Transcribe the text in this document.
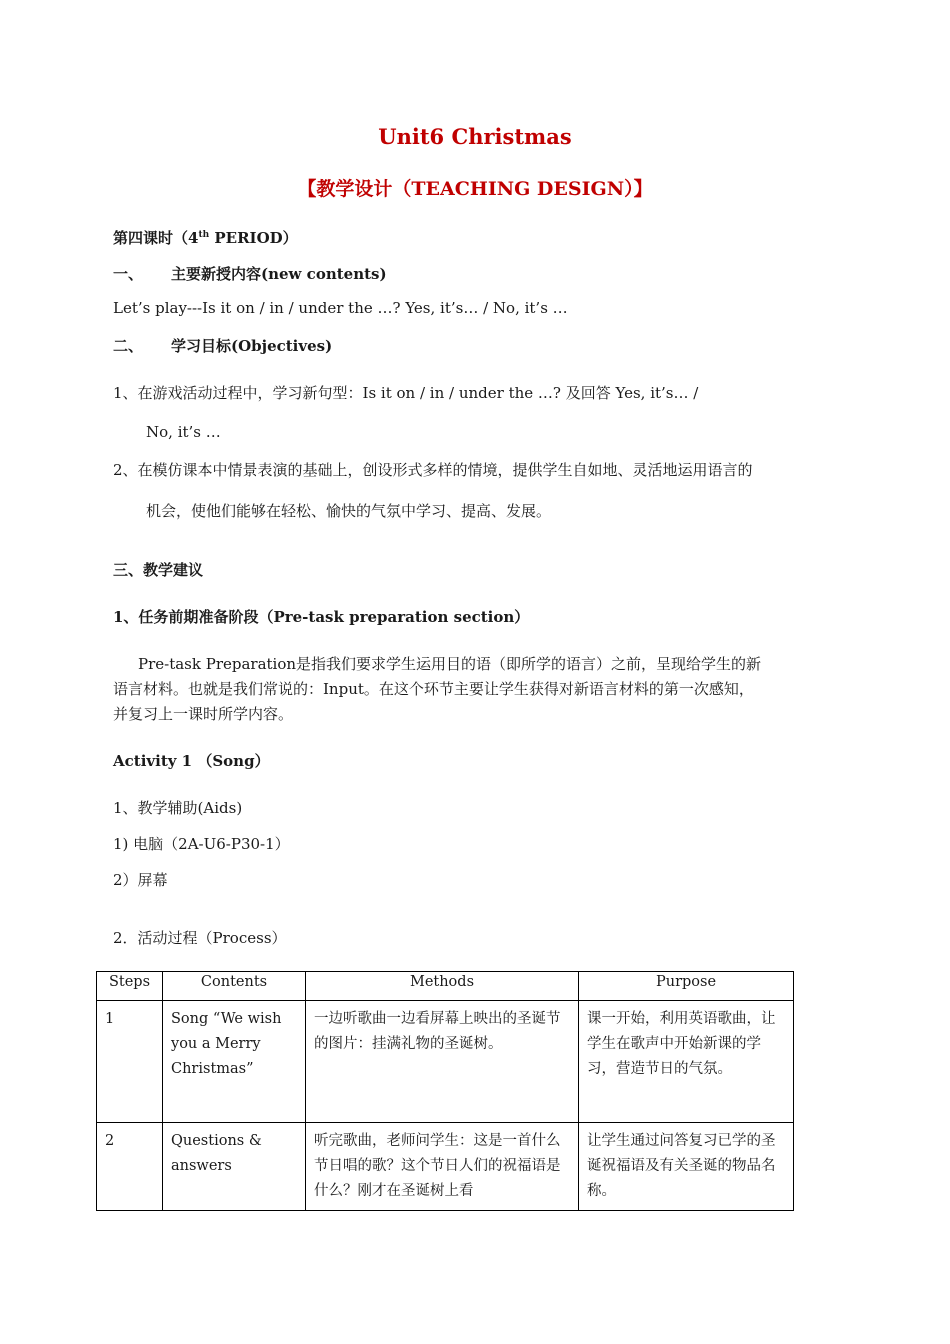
Unit6 Christmas
【教学设计（TEACHING DESIGN）】
第四课时（4th PERIOD）
一、 主要新授内容(new contents)
Let’s play---Is it on / in / under the …? Yes, it’s… / No, it’s …
二、 学习目标(Objectives)
1、在游戏活动过程中，学习新句型：Is it on / in / under the …? 及回答 Yes, it’s… /
No, it’s …
2、在模仿课本中情景表演的基础上，创设形式多样的情境，提供学生自如地、灵活地运用语言的
机会，使他们能够在轻松、愉快的气氛中学习、提高、发展。
三、教学建议
1、任务前期准备阶段（Pre-task preparation section）
Pre-task Preparation是指我们要求学生运用目的语（即所学的语言）之前，呈现给学生的新
语言材料。也就是我们常说的：Input。在这个环节主要让学生获得对新语言材料的第一次感知，
并复习上一课时所学内容。
Activity 1 （Song）
1、教学辅助(Aids)
1) 电脑（2A-U6-P30-1）
2）屏幕
2．活动过程（Process）
Steps	Contents	Methods	Purpose
1	Song “We wish you a Merry Christmas”	一边听歌曲一边看屏幕上映出的圣诞节的图片：挂满礼物的圣诞树。	课一开始，利用英语歌曲，让学生在歌声中开始新课的学习，营造节日的气氛。
2	Questions & answers	听完歌曲，老师问学生：这是一首什么节日唱的歌？这个节日人们的祝福语是什么？刚才在圣诞树上看	让学生通过问答复习已学的圣诞祝福语及有关圣诞的物品名称。
